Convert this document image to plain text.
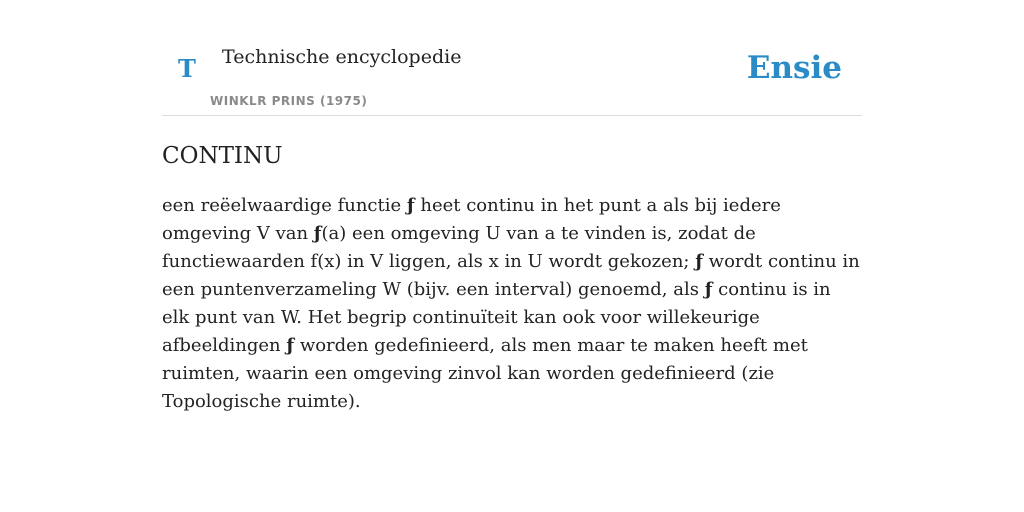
T Technische encyclopedie
WINKLR PRINS (1975)
Ensie
CONTINU

een reëelwaardige functie ƒ heet continu in het punt a als bij iedere omgeving V van ƒ(a) een omgeving U van a te vinden is, zodat de functiewaarden f(x) in V liggen, als x in U wordt gekozen; ƒ wordt continu in een puntenverzameling W (bijv. een interval) genoemd, als ƒ continu is in elk punt van W. Het begrip continuïteit kan ook voor willekeurige afbeeldingen ƒ worden gedefinieerd, als men maar te maken heeft met ruimten, waarin een omgeving zinvol kan worden gedefinieerd (zie Topologische ruimte).
